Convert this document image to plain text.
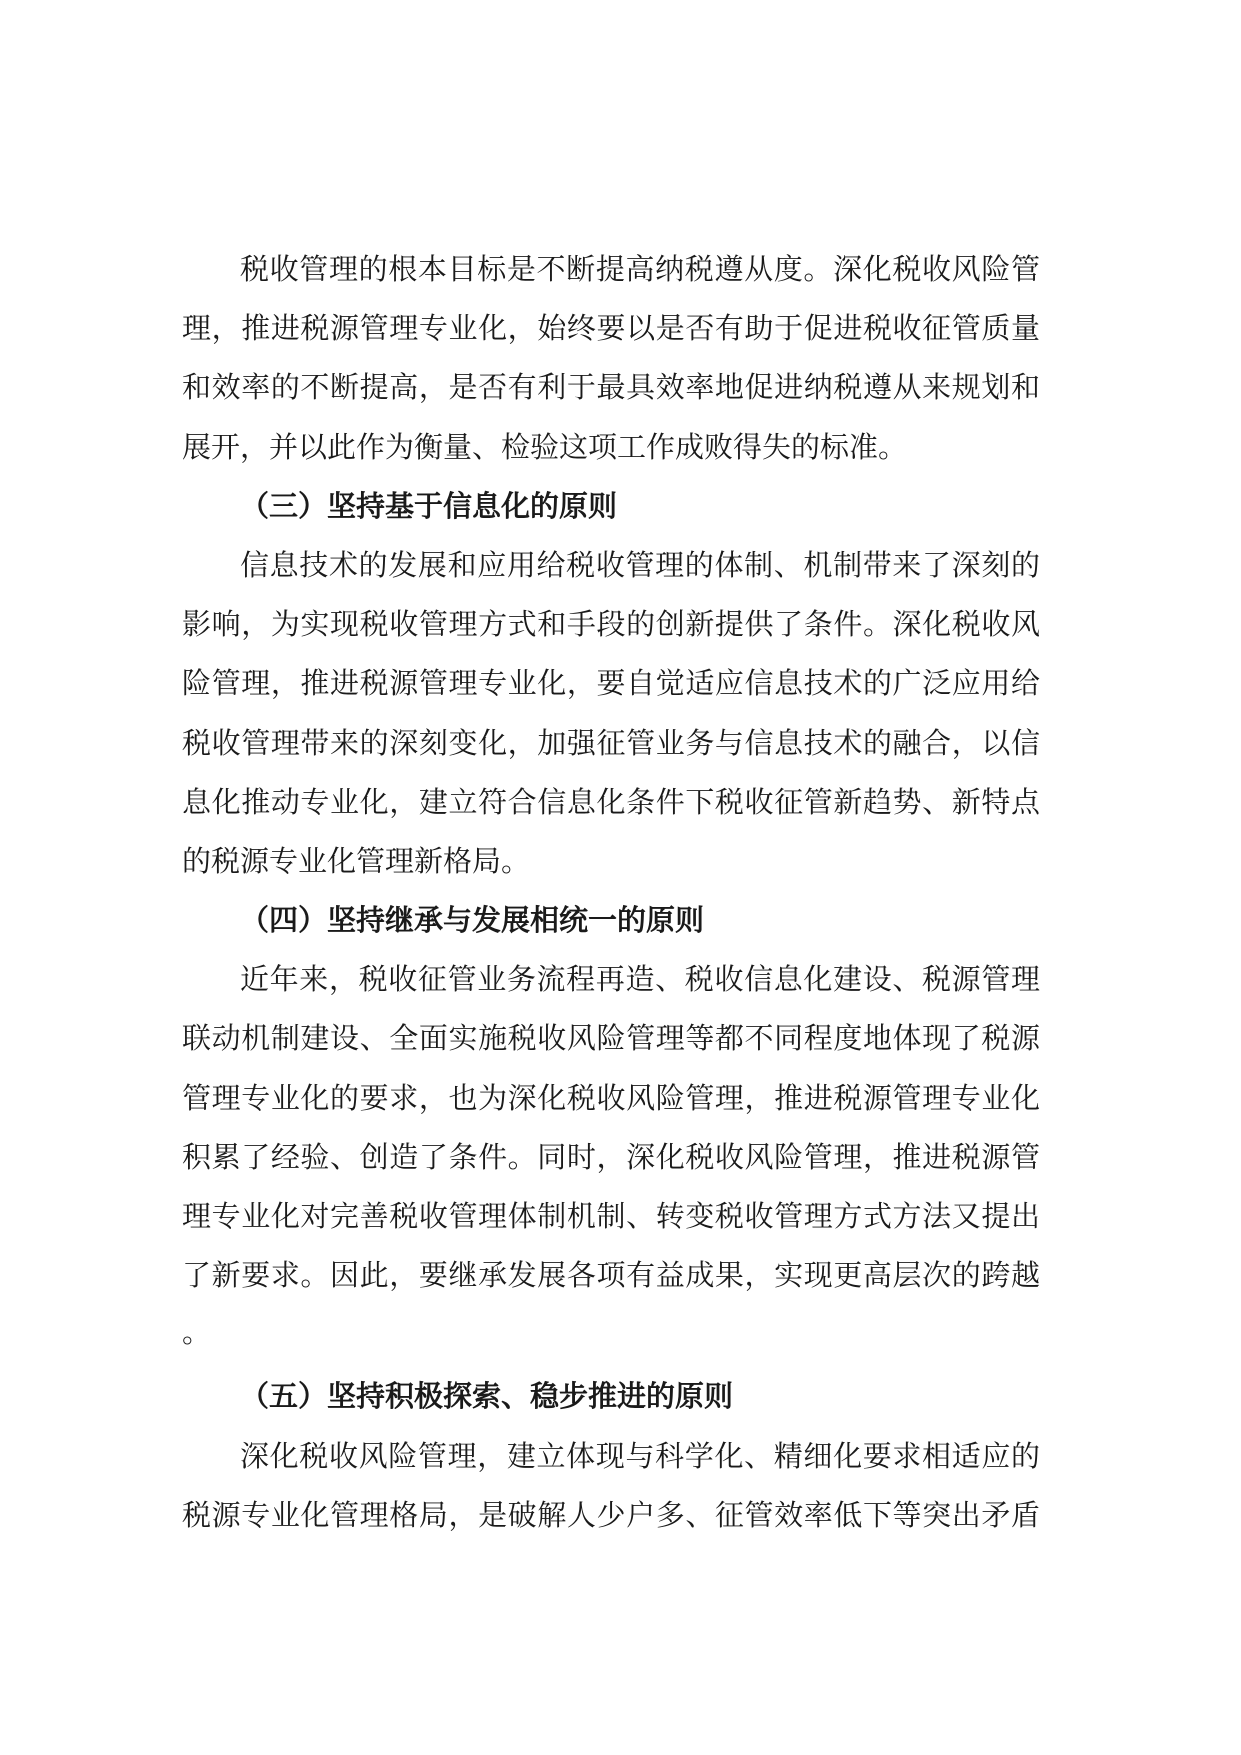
税收管理的根本目标是不断提高纳税遵从度。深化税收风险管
理，推进税源管理专业化，始终要以是否有助于促进税收征管质量
和效率的不断提高，是否有利于最具效率地促进纳税遵从来规划和
展开，并以此作为衡量、检验这项工作成败得失的标准。
（三）坚持基于信息化的原则
信息技术的发展和应用给税收管理的体制、机制带来了深刻的
影响，为实现税收管理方式和手段的创新提供了条件。深化税收风
险管理，推进税源管理专业化，要自觉适应信息技术的广泛应用给
税收管理带来的深刻变化，加强征管业务与信息技术的融合，以信
息化推动专业化，建立符合信息化条件下税收征管新趋势、新特点
的税源专业化管理新格局。
（四）坚持继承与发展相统一的原则
近年来，税收征管业务流程再造、税收信息化建设、税源管理
联动机制建设、全面实施税收风险管理等都不同程度地体现了税源
管理专业化的要求，也为深化税收风险管理，推进税源管理专业化
积累了经验、创造了条件。同时，深化税收风险管理，推进税源管
理专业化对完善税收管理体制机制、转变税收管理方式方法又提出
了新要求。因此，要继承发展各项有益成果，实现更高层次的跨越
。
（五）坚持积极探索、稳步推进的原则
深化税收风险管理，建立体现与科学化、精细化要求相适应的
税源专业化管理格局，是破解人少户多、征管效率低下等突出矛盾
